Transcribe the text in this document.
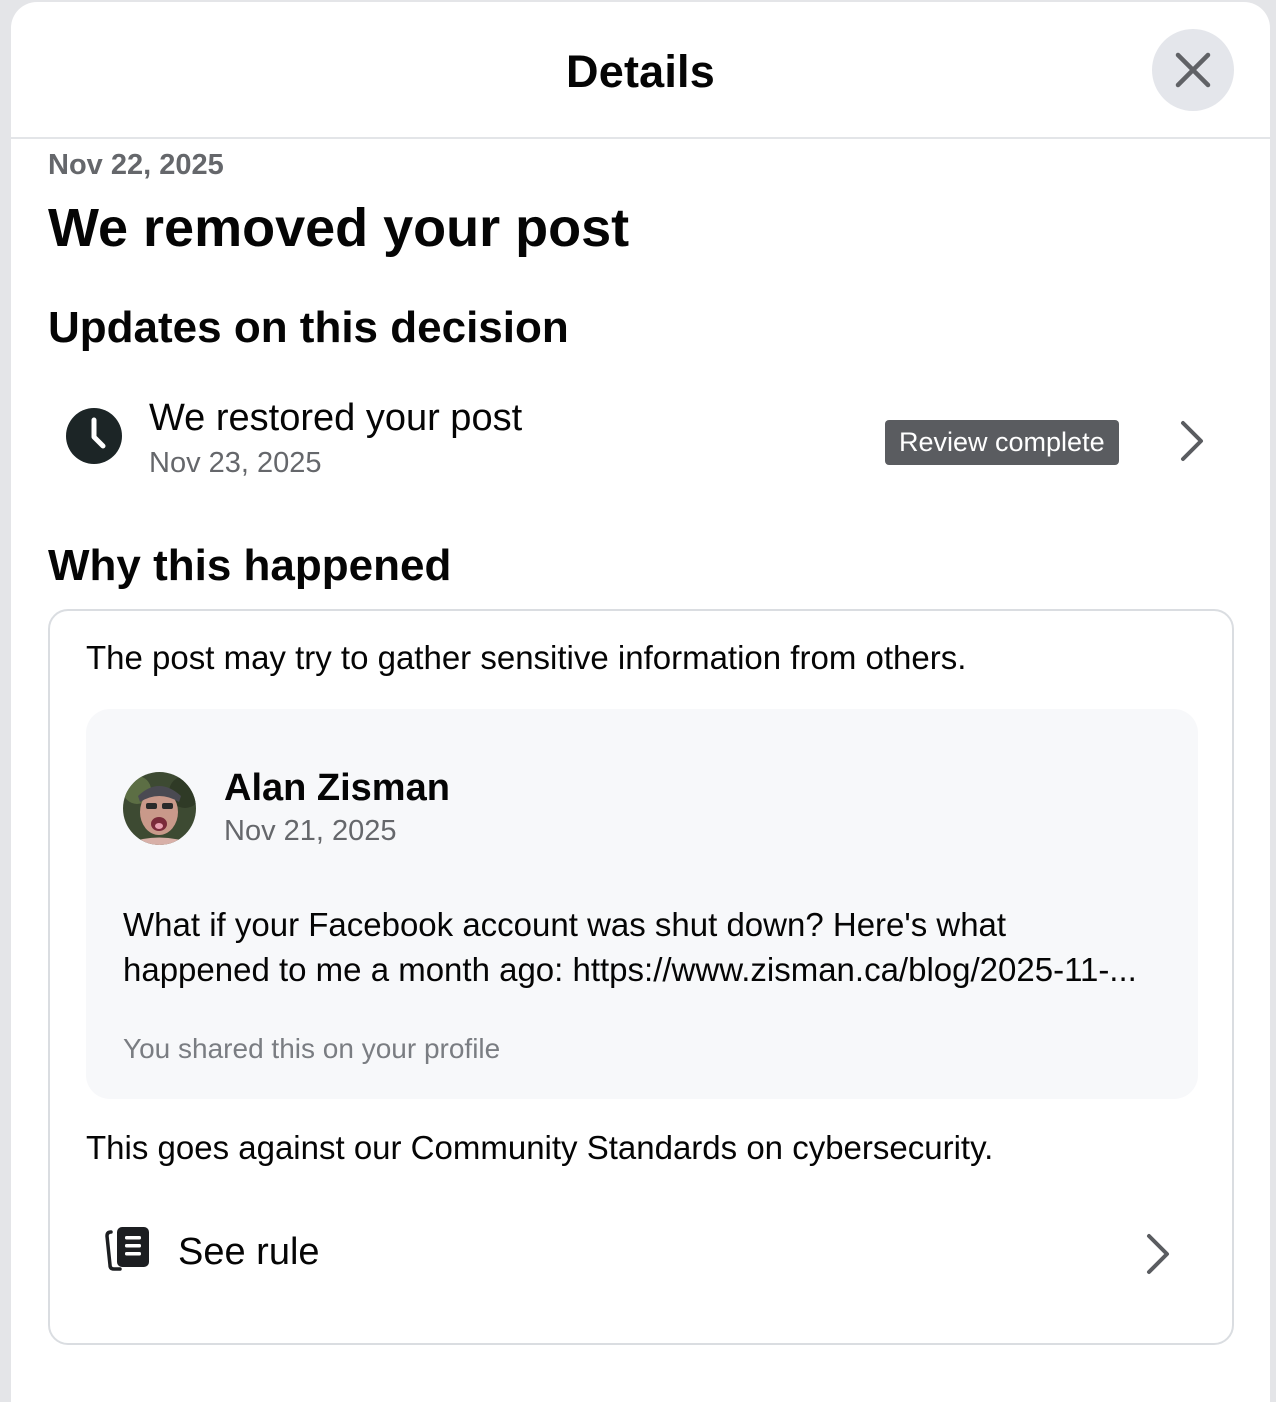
Details
Nov 22, 2025
We removed your post
Updates on this decision
We restored your post
Nov 23, 2025
Review complete
Why this happened
The post may try to gather sensitive information from others.
Alan Zisman
Nov 21, 2025
What if your Facebook account was shut down? Here's what happened to me a month ago: https://www.zisman.ca/blog/2025-11-...
You shared this on your profile
This goes against our Community Standards on cybersecurity.
See rule
